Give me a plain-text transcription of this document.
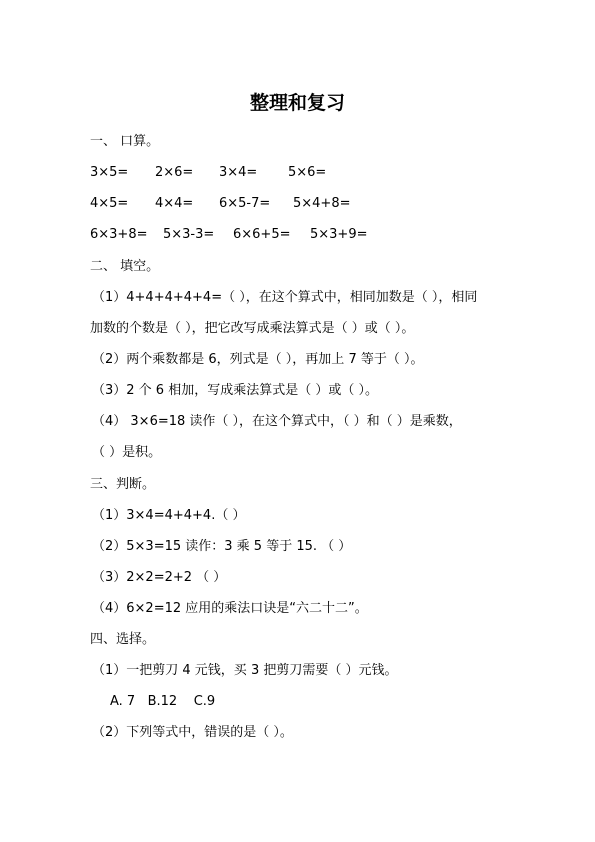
整理和复习
一、 口算。
3×5= 2×6= 3×4= 5×6=
4×5= 4×4= 6×5-7= 5×4+8=
6×3+8= 5×3-3= 6×6+5= 5×3+9=
二、 填空。
（1）4+4+4+4+4=（ ），在这个算式中，相同加数是（ ），相同
加数的个数是（ ），把它改写成乘法算式是（ ）或（ ）。
（2）两个乘数都是 6，列式是（ ），再加上 7 等于（ ）。
（3）2 个 6 相加，写成乘法算式是（ ）或（ ）。
（4） 3×6=18 读作（ ），在这个算式中，（ ）和（ ）是乘数，
（ ）是积。
三、判断。
（1）3×4=4+4+4.（ ）
（2）5×3=15 读作：3 乘 5 等于 15. （ ）
（3）2×2=2+2 （ ）
（4）6×2=12 应用的乘法口诀是“六二十二”。
四、选择。
（1）一把剪刀 4 元钱，买 3 把剪刀需要（ ）元钱。
A. 7   B.12    C.9
（2）下列等式中，错误的是（ ）。
